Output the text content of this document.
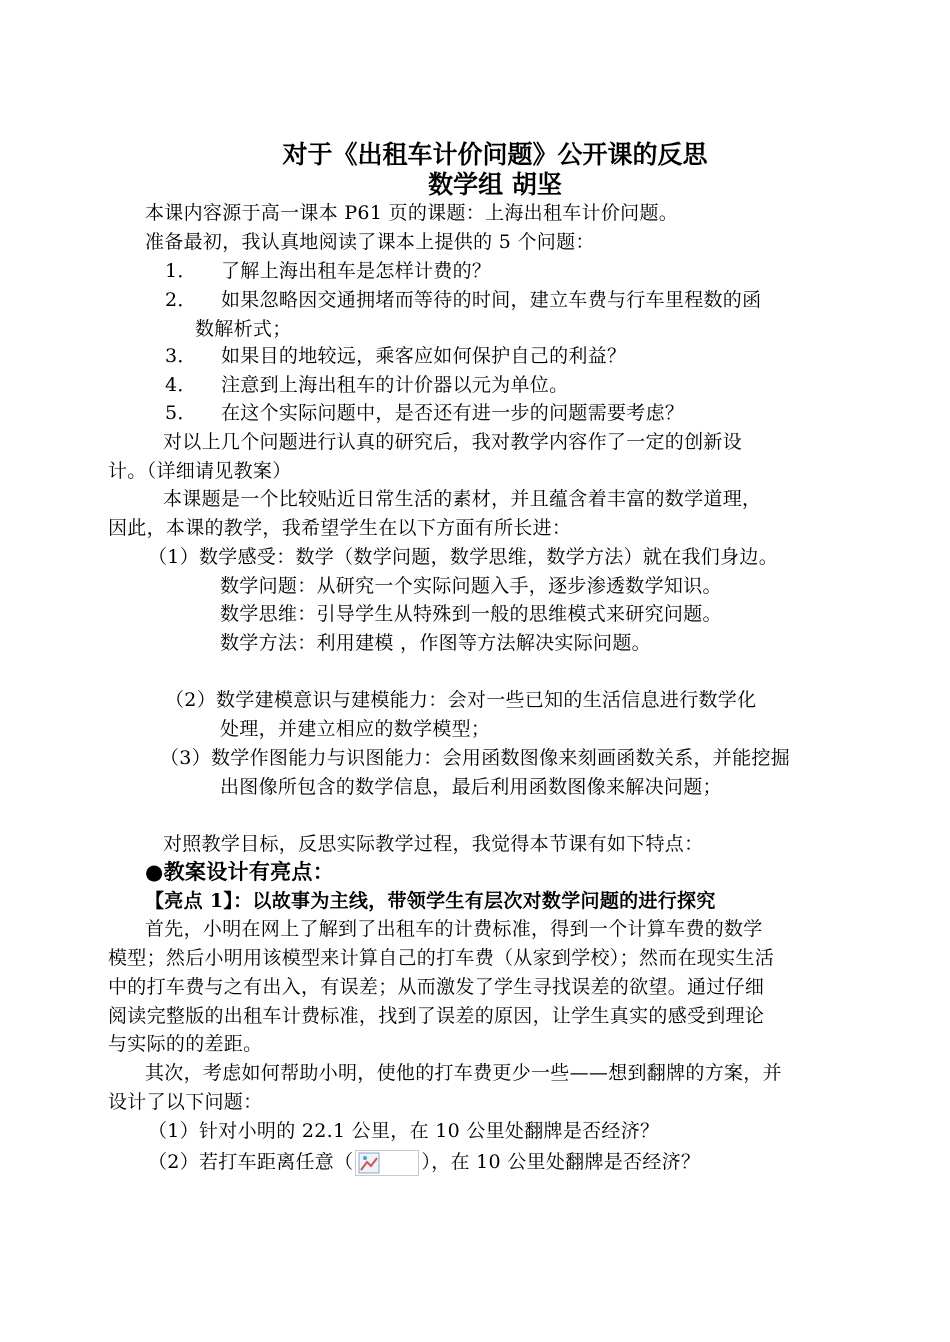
对于《出租车计价问题》公开课的反思
数学组 胡坚
本课内容源于高一课本 P61 页的课题：上海出租车计价问题。
准备最初，我认真地阅读了课本上提供的 5 个问题：
1． 了解上海出租车是怎样计费的？
2． 如果忽略因交通拥堵而等待的时间，建立车费与行车里程数的函
数解析式；
3． 如果目的地较远，乘客应如何保护自己的利益？
4． 注意到上海出租车的计价器以元为单位。
5． 在这个实际问题中，是否还有进一步的问题需要考虑？
对以上几个问题进行认真的研究后，我对教学内容作了一定的创新设
计。（详细请见教案）
本课题是一个比较贴近日常生活的素材，并且蕴含着丰富的数学道理，
因此，本课的教学，我希望学生在以下方面有所长进：
（1）数学感受：数学（数学问题，数学思维，数学方法）就在我们身边。
数学问题：从研究一个实际问题入手，逐步渗透数学知识。
数学思维：引导学生从特殊到一般的思维模式来研究问题。
数学方法：利用建模 ，作图等方法解决实际问题。
（2）数学建模意识与建模能力：会对一些已知的生活信息进行数学化
处理，并建立相应的数学模型；
（3）数学作图能力与识图能力：会用函数图像来刻画函数关系，并能挖掘
出图像所包含的数学信息，最后利用函数图像来解决问题；
对照教学目标，反思实际教学过程，我觉得本节课有如下特点：
●教案设计有亮点：
【亮点 1】：以故事为主线，带领学生有层次对数学问题的进行探究
首先，小明在网上了解到了出租车的计费标准，得到一个计算车费的数学
模型；然后小明用该模型来计算自己的打车费（从家到学校）；然而在现实生活
中的打车费与之有出入，有误差；从而激发了学生寻找误差的欲望。通过仔细
阅读完整版的出租车计费标准，找到了误差的原因，让学生真实的感受到理论
与实际的的差距。
其次，考虑如何帮助小明，使他的打车费更少一些——想到翻牌的方案，并
设计了以下问题：
（1）针对小明的 22.1 公里，在 10 公里处翻牌是否经济？
（2）若打车距离任意（	），在 10 公里处翻牌是否经济？
